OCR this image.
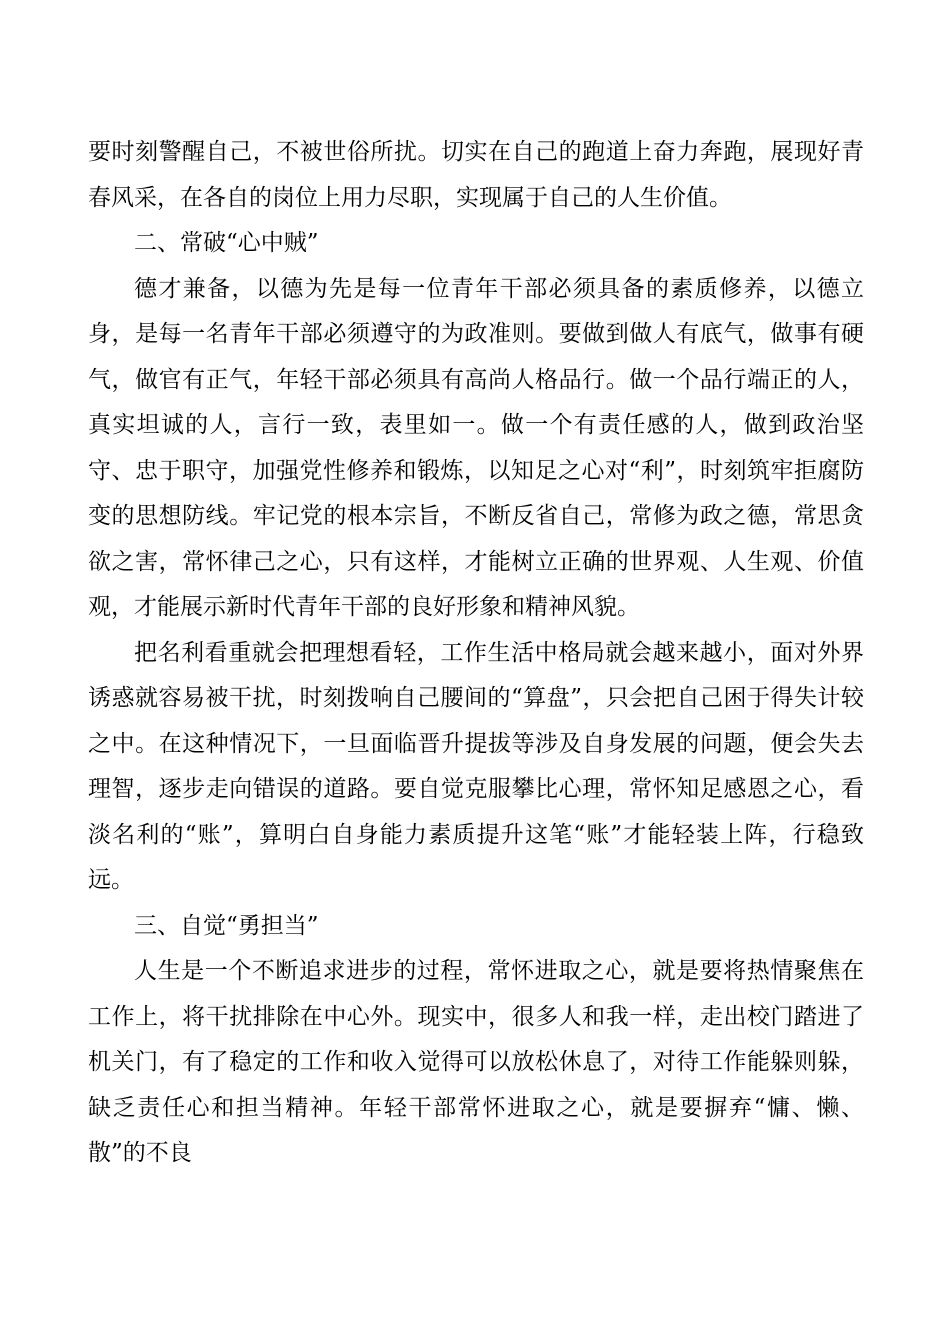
要时刻警醒自己，不被世俗所扰。切实在自己的跑道上奋力奔跑，展现好青春风采，在各自的岗位上用力尽职，实现属于自己的人生价值。

二、常破“心中贼”

德才兼备，以德为先是每一位青年干部必须具备的素质修养，以德立身，是每一名青年干部必须遵守的为政准则。要做到做人有底气，做事有硬气，做官有正气，年轻干部必须具有高尚人格品行。做一个品行端正的人，真实坦诚的人，言行一致，表里如一。做一个有责任感的人，做到政治坚守、忠于职守，加强党性修养和锻炼，以知足之心对“利”，时刻筑牢拒腐防变的思想防线。牢记党的根本宗旨，不断反省自己，常修为政之德，常思贪欲之害，常怀律己之心，只有这样，才能树立正确的世界观、人生观、价值观，才能展示新时代青年干部的良好形象和精神风貌。

把名利看重就会把理想看轻，工作生活中格局就会越来越小，面对外界诱惑就容易被干扰，时刻拨响自己腰间的“算盘”，只会把自己困于得失计较之中。在这种情况下，一旦面临晋升提拔等涉及自身发展的问题，便会失去理智，逐步走向错误的道路。要自觉克服攀比心理，常怀知足感恩之心，看淡名利的“账”，算明白自身能力素质提升这笔“账”才能轻装上阵，行稳致远。

三、自觉“勇担当”

人生是一个不断追求进步的过程，常怀进取之心，就是要将热情聚焦在工作上，将干扰排除在中心外。现实中，很多人和我一样，走出校门踏进了机关门，有了稳定的工作和收入觉得可以放松休息了，对待工作能躲则躲，缺乏责任心和担当精神。年轻干部常怀进取之心，就是要摒弃“慵、懒、散”的不良
